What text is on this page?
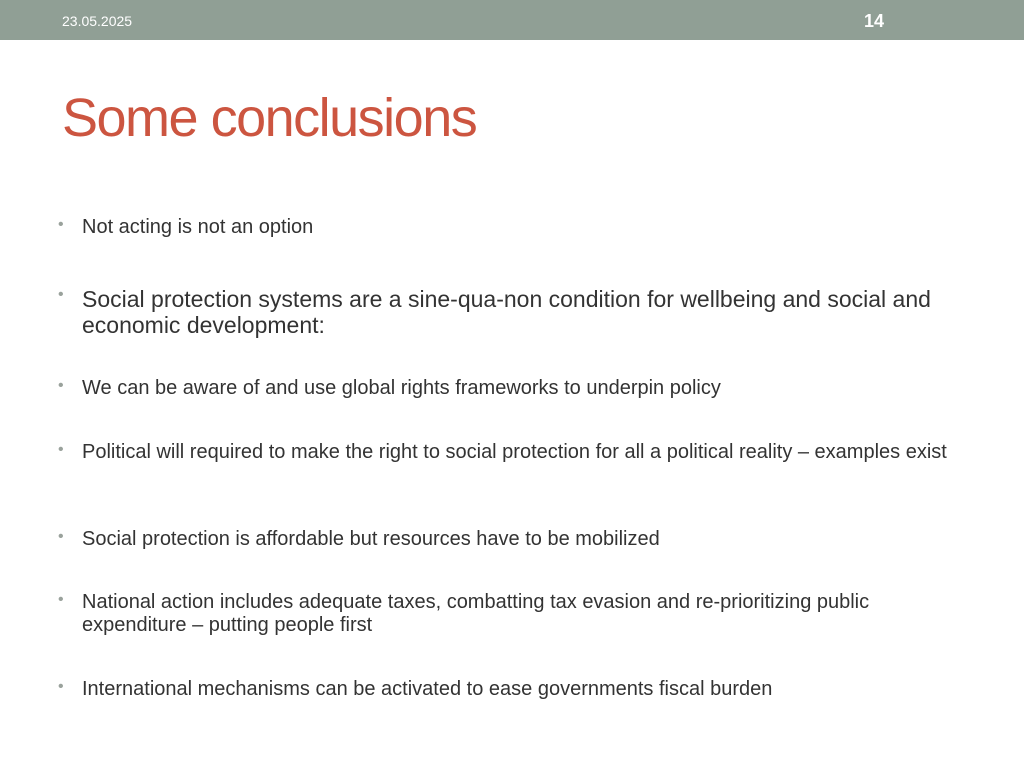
23.05.2025	14
Some conclusions
• Not acting is not an option
• Social protection systems are a sine-qua-non condition for wellbeing and social and economic development:
• We can be aware of and use global rights frameworks to underpin policy
• Political will required to make the right to social protection for all a political reality – examples exist
• Social protection is affordable but resources have to be mobilized
• National action includes adequate taxes, combatting tax evasion and re-prioritizing public expenditure – putting people first
• International mechanisms can be activated to ease governments fiscal burden
